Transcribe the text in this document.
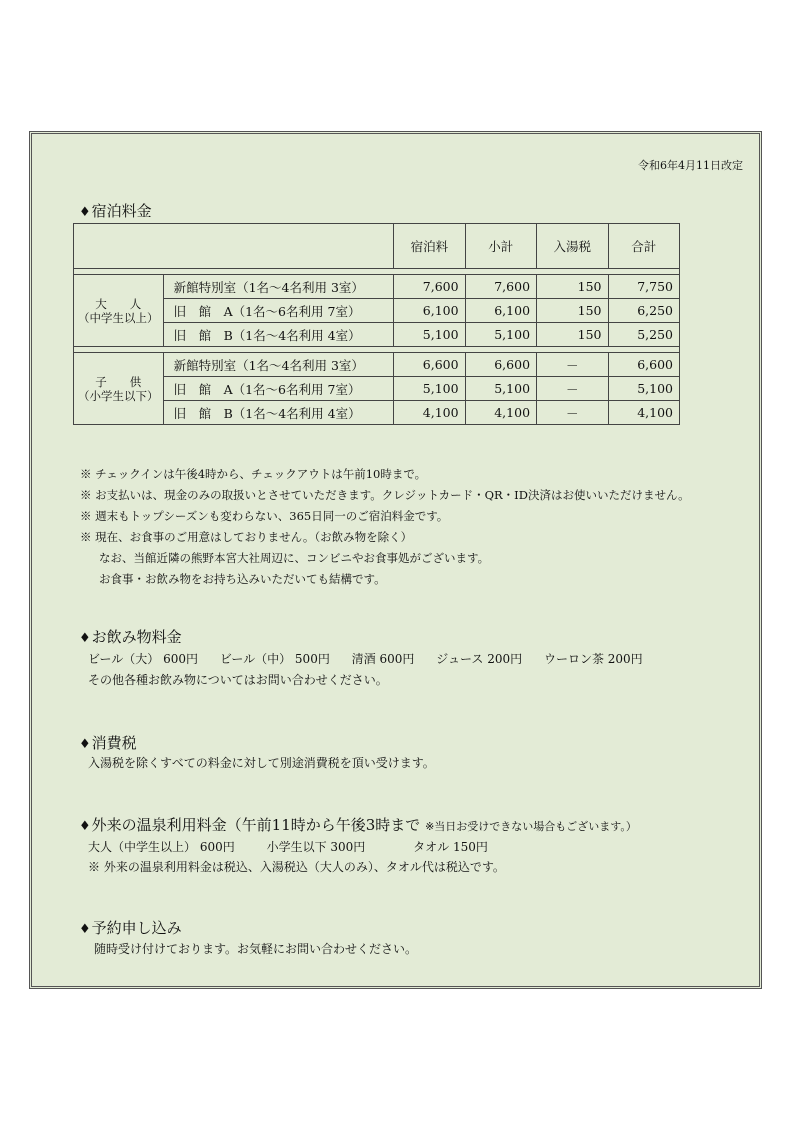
令和6年4月11日改定
♦宿泊料金
		宿泊料	小計	入湯税	合計

大　　人
（中学生以上）	新館特別室（1名～4名利用 3室）	7,600	7,600	150	7,750
	旧　館　A（1名～6名利用 7室）	6,100	6,100	150	6,250
	旧　館　B（1名～4名利用 4室）	5,100	5,100	150	5,250

子　　供
（小学生以下）	新館特別室（1名～4名利用 3室）	6,600	6,600	－	6,600
	旧　館　A（1名～6名利用 7室）	5,100	5,100	－	5,100
	旧　館　B（1名～4名利用 4室）	4,100	4,100	－	4,100
※ チェックインは午後4時から、チェックアウトは午前10時まで。
※ お支払いは、現金のみの取扱いとさせていただきます。クレジットカード・QR・ID決済はお使いいただけません。
※ 週末もトップシーズンも変わらない、365日同一のご宿泊料金です。
※ 現在、お食事のご用意はしておりません。（お飲み物を除く）
なお、当館近隣の熊野本宮大社周辺に、コンビニやお食事処がございます。
お食事・お飲み物をお持ち込みいただいても結構です。
♦お飲み物料金
ビール（大） 600円 ビール（中） 500円 清酒 600円 ジュース 200円 ウーロン茶 200円
その他各種お飲み物についてはお問い合わせください。
♦消費税
入湯税を除くすべての料金に対して別途消費税を頂い受けます。
♦外来の温泉利用料金（午前11時から午後3時まで ※当日お受けできない場合もございます。）
大人（中学生以上） 600円	小学生以下 300円	タオル 150円
※ 外来の温泉利用料金は税込、入湯税込（大人のみ）、タオル代は税込です。
♦予約申し込み
随時受け付けております。お気軽にお問い合わせください。
